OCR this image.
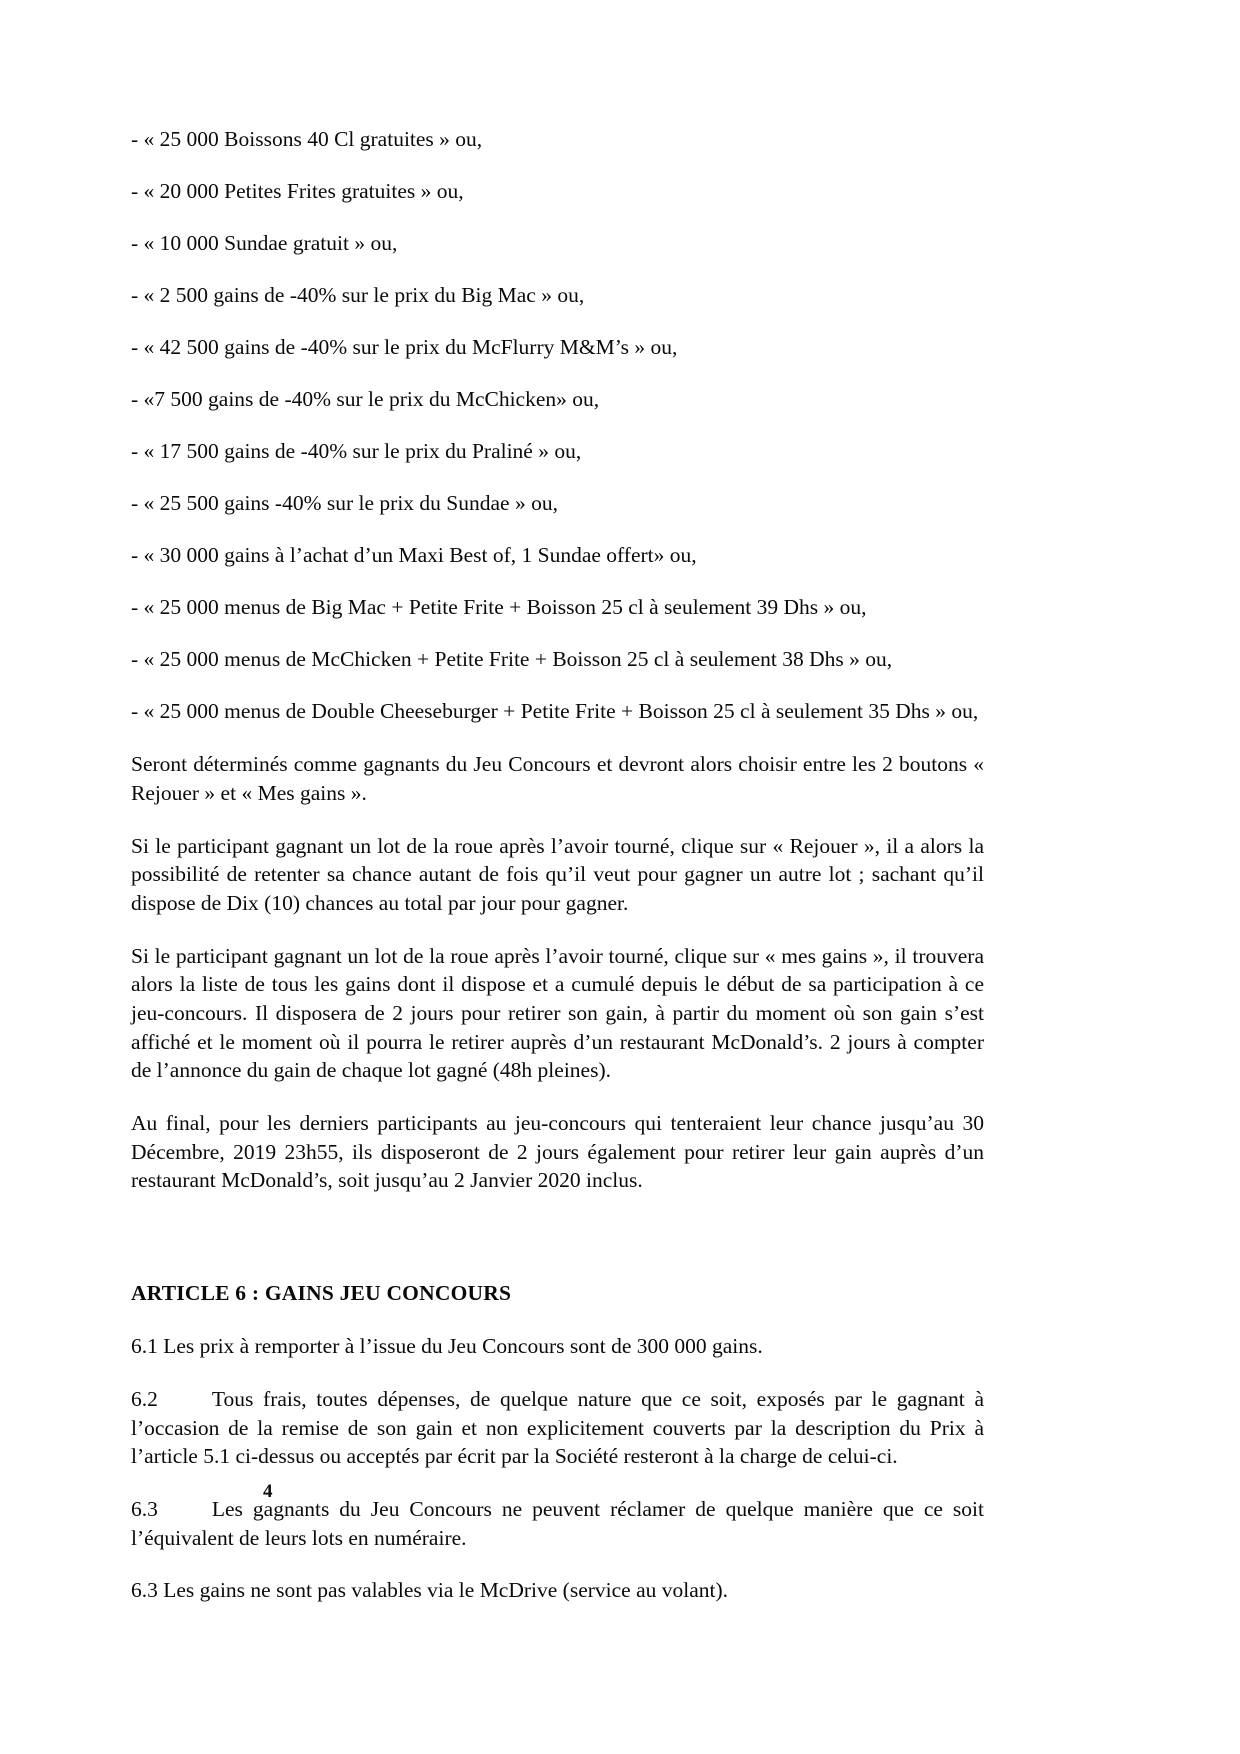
- « 25 000 Boissons 40 Cl gratuites » ou,

- « 20 000 Petites Frites gratuites » ou,

- « 10 000 Sundae gratuit » ou,

- « 2 500 gains de -40% sur le prix du Big Mac » ou,

- « 42 500 gains de -40% sur le prix du McFlurry M&M’s » ou,

- «7 500 gains de -40% sur le prix du McChicken» ou,

- « 17 500 gains de -40% sur le prix du Praliné » ou,

- « 25 500 gains -40% sur le prix du Sundae » ou,

- « 30 000 gains à l’achat d’un Maxi Best of, 1 Sundae offert» ou,

- « 25 000 menus de Big Mac + Petite Frite + Boisson 25 cl à seulement 39 Dhs » ou,

- « 25 000 menus de McChicken + Petite Frite + Boisson 25 cl à seulement 38 Dhs » ou,

- « 25 000 menus de Double Cheeseburger + Petite Frite + Boisson 25 cl à seulement 35 Dhs » ou,

Seront déterminés comme gagnants du Jeu Concours et devront alors choisir entre les 2 boutons « Rejouer » et « Mes gains ».

Si le participant gagnant un lot de la roue après l’avoir tourné, clique sur « Rejouer », il a alors la possibilité de retenter sa chance autant de fois qu’il veut pour gagner un autre lot ; sachant qu’il dispose de Dix (10) chances au total par jour pour gagner.

Si le participant gagnant un lot de la roue après l’avoir tourné, clique sur « mes gains », il trouvera alors la liste de tous les gains dont il dispose et a cumulé depuis le début de sa participation à ce jeu-concours. Il disposera de 2 jours pour retirer son gain, à partir du moment où son gain s’est affiché et le moment où il pourra le retirer auprès d’un restaurant McDonald’s. 2 jours à compter de l’annonce du gain de chaque lot gagné (48h pleines).

Au final, pour les derniers participants au jeu-concours qui tenteraient leur chance jusqu’au 30 Décembre, 2019 23h55, ils disposeront de 2 jours également pour retirer leur gain auprès d’un restaurant McDonald’s, soit jusqu’au 2 Janvier 2020 inclus.

ARTICLE 6 : GAINS JEU CONCOURS

6.1 Les prix à remporter à l’issue du Jeu Concours sont de 300 000 gains.

6.2	Tous frais, toutes dépenses, de quelque nature que ce soit, exposés par le gagnant à l’occasion de la remise de son gain et non explicitement couverts par la description du Prix à l’article 5.1 ci-dessus ou acceptés par écrit par la Société resteront à la charge de celui-ci.

6.3	Les gagnants du Jeu Concours ne peuvent réclamer de quelque manière que ce soit l’équivalent de leurs lots en numéraire.

6.3 Les gains ne sont pas valables via le McDrive (service au volant).

4
